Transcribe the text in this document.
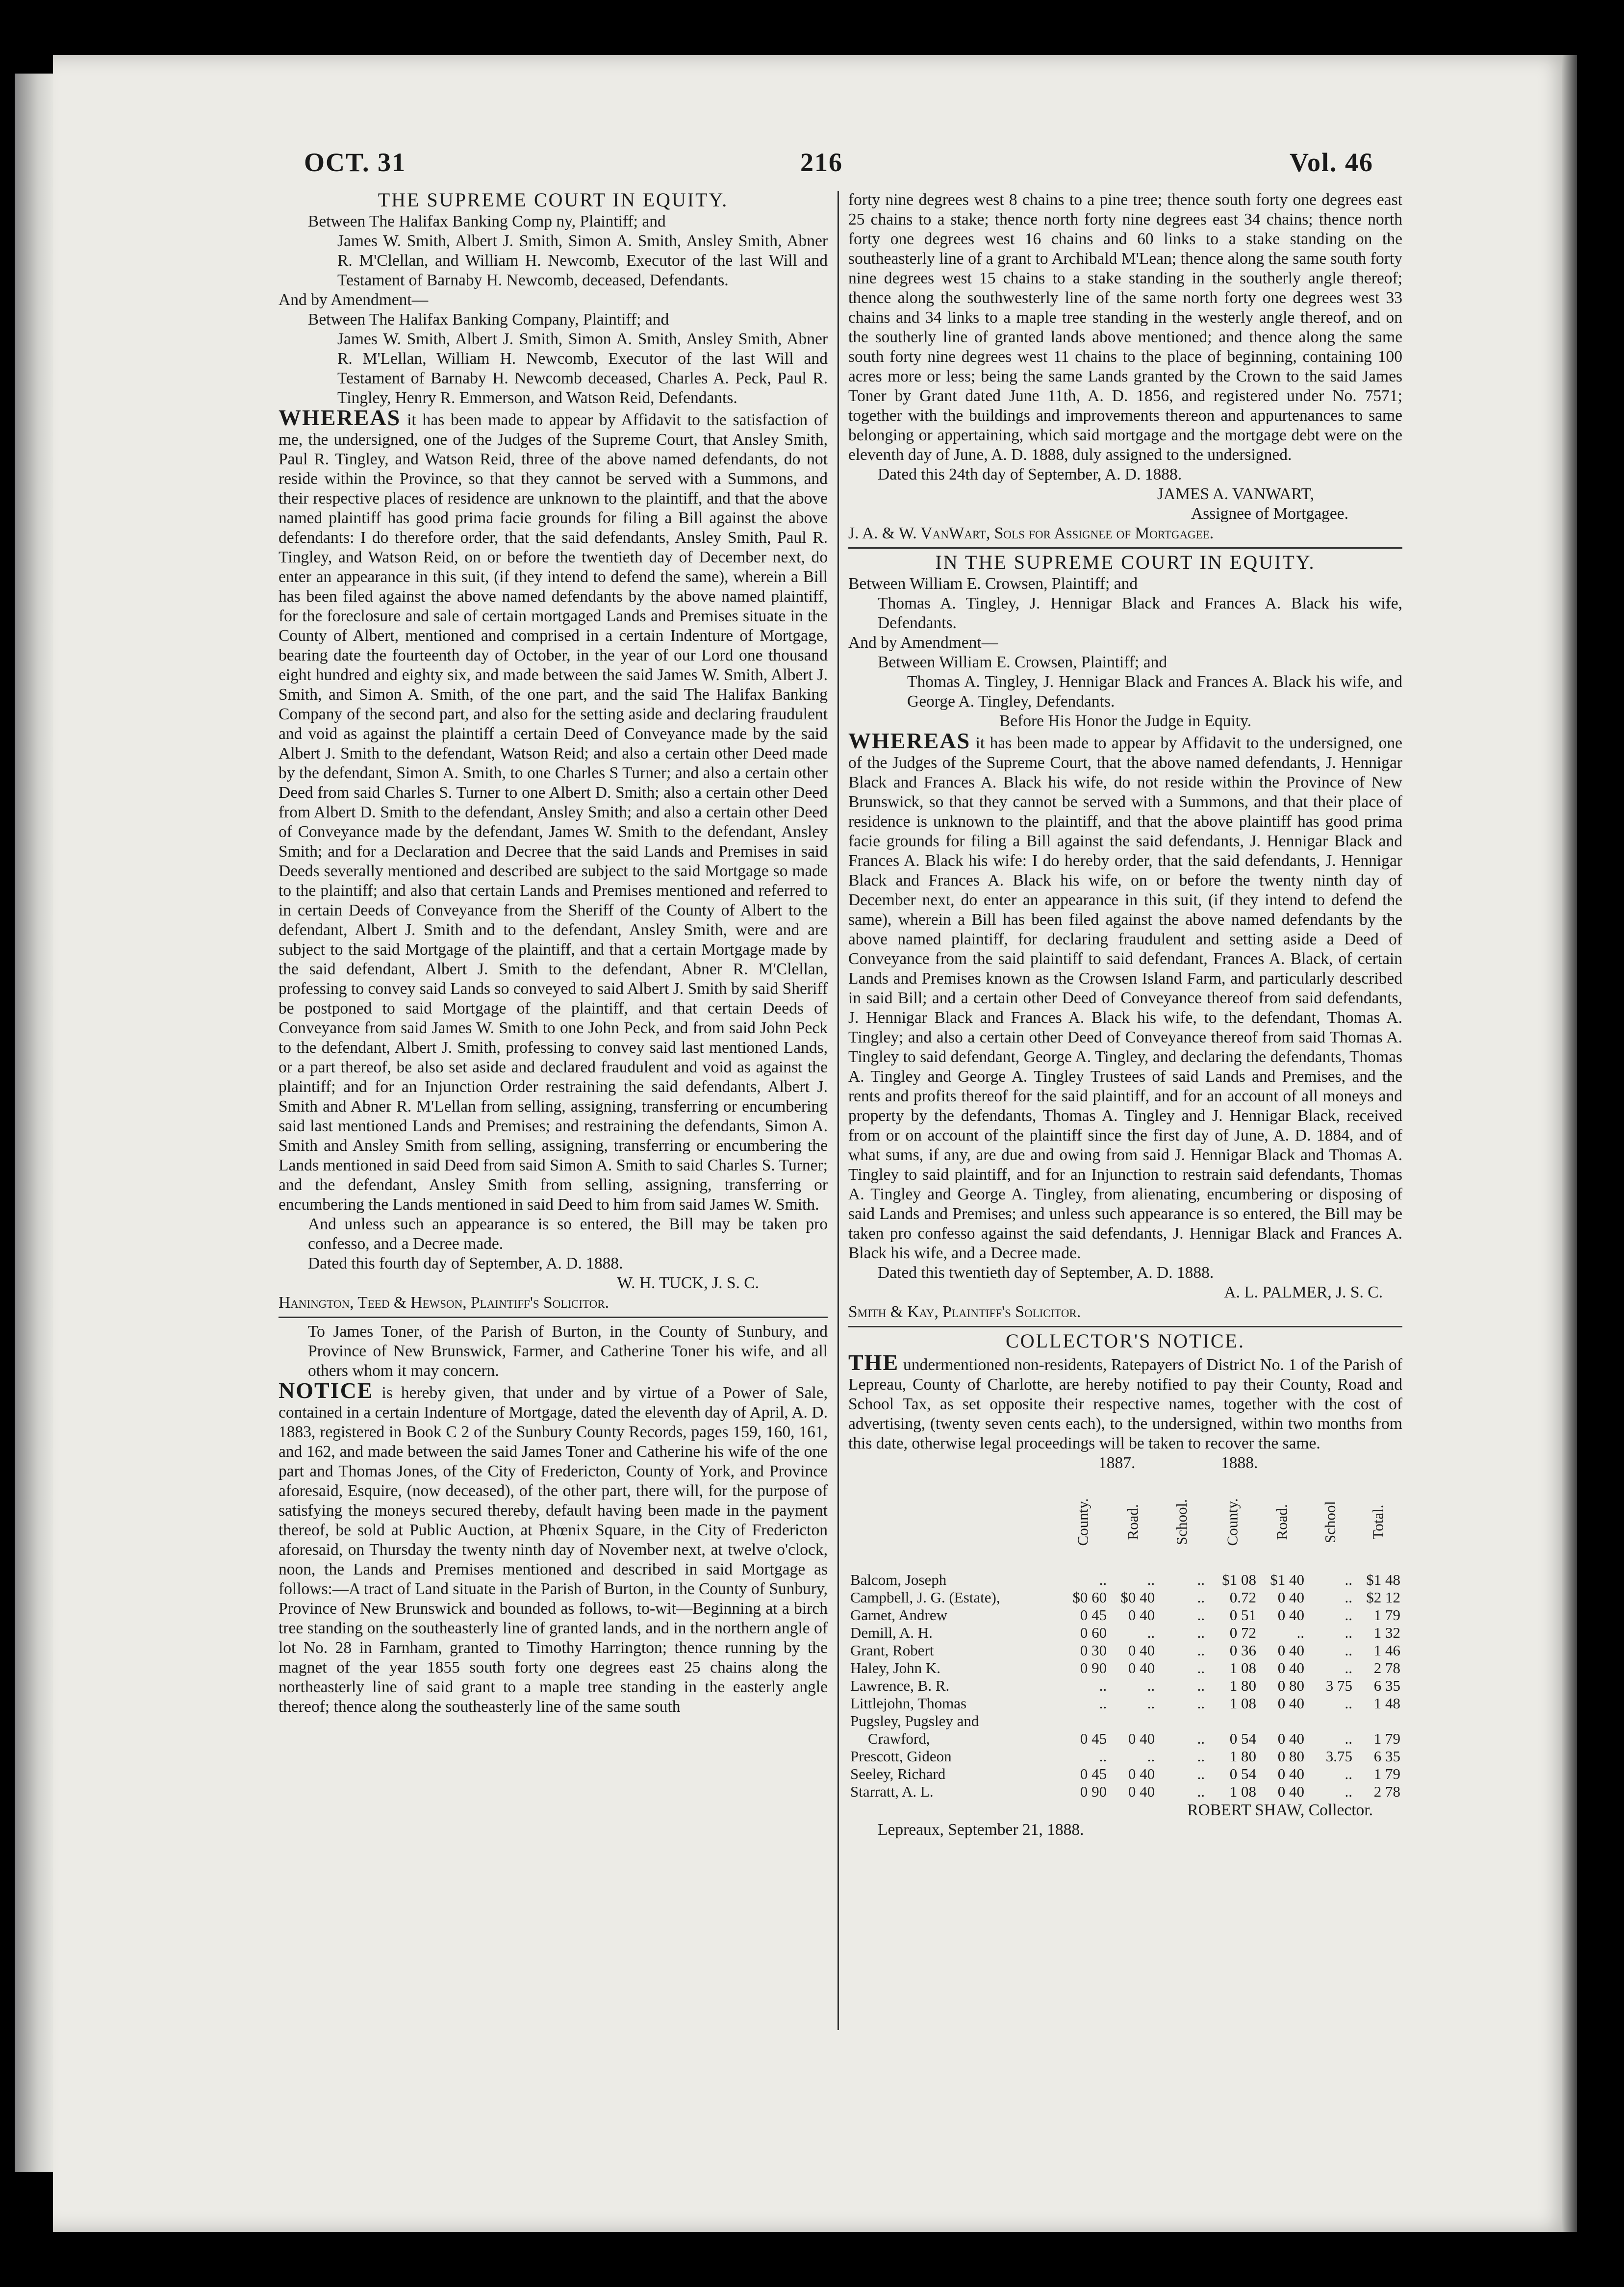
OCT. 31	216	Vol. 46
THE SUPREME COURT IN EQUITY.

Between The Halifax Banking Comp ny, Plaintiff; and

James W. Smith, Albert J. Smith, Simon A. Smith, Ansley Smith, Abner R. M'Clellan, and William H. Newcomb, Executor of the last Will and Testament of Barnaby H. Newcomb, deceased, Defendants.

And by Amendment—

Between The Halifax Banking Company, Plaintiff; and

James W. Smith, Albert J. Smith, Simon A. Smith, Ansley Smith, Abner R. M'Lellan, William H. Newcomb, Executor of the last Will and Testament of Barnaby H. Newcomb deceased, Charles A. Peck, Paul R. Tingley, Henry R. Emmerson, and Watson Reid, Defendants.

WHEREAS it has been made to appear by Affidavit to the satisfaction of me, the undersigned, one of the Judges of the Supreme Court, that Ansley Smith, Paul R. Tingley, and Watson Reid, three of the above named defendants, do not reside within the Province, so that they cannot be served with a Summons, and their respective places of residence are unknown to the plaintiff, and that the above named plaintiff has good prima facie grounds for filing a Bill against the above defendants: I do therefore order, that the said defendants, Ansley Smith, Paul R. Tingley, and Watson Reid, on or before the twentieth day of December next, do enter an appearance in this suit, (if they intend to defend the same), wherein a Bill has been filed against the above named defendants by the above named plaintiff, for the foreclosure and sale of certain mortgaged Lands and Premises situate in the County of Albert, mentioned and comprised in a certain Indenture of Mortgage, bearing date the fourteenth day of October, in the year of our Lord one thousand eight hundred and eighty six, and made between the said James W. Smith, Albert J. Smith, and Simon A. Smith, of the one part, and the said The Halifax Banking Company of the second part, and also for the setting aside and declaring fraudulent and void as against the plaintiff a certain Deed of Conveyance made by the said Albert J. Smith to the defendant, Watson Reid; and also a certain other Deed made by the defendant, Simon A. Smith, to one Charles S Turner; and also a certain other Deed from said Charles S. Turner to one Albert D. Smith; also a certain other Deed from Albert D. Smith to the defendant, Ansley Smith; and also a certain other Deed of Conveyance made by the defendant, James W. Smith to the defendant, Ansley Smith; and for a Declaration and Decree that the said Lands and Premises in said Deeds severally mentioned and described are subject to the said Mortgage so made to the plaintiff; and also that certain Lands and Premises mentioned and referred to in certain Deeds of Conveyance from the Sheriff of the County of Albert to the defendant, Albert J. Smith and to the defendant, Ansley Smith, were and are subject to the said Mortgage of the plaintiff, and that a certain Mortgage made by the said defendant, Albert J. Smith to the defendant, Abner R. M'Clellan, professing to convey said Lands so conveyed to said Albert J. Smith by said Sheriff be postponed to said Mortgage of the plaintiff, and that certain Deeds of Conveyance from said James W. Smith to one John Peck, and from said John Peck to the defendant, Albert J. Smith, professing to convey said last mentioned Lands, or a part thereof, be also set aside and declared fraudulent and void as against the plaintiff; and for an Injunction Order restraining the said defendants, Albert J. Smith and Abner R. M'Lellan from selling, assigning, transferring or encumbering said last mentioned Lands and Premises; and restraining the defendants, Simon A. Smith and Ansley Smith from selling, assigning, transferring or encumbering the Lands mentioned in said Deed from said Simon A. Smith to said Charles S. Turner; and the defendant, Ansley Smith from selling, assigning, transferring or encumbering the Lands mentioned in said Deed to him from said James W. Smith.

And unless such an appearance is so entered, the Bill may be taken pro confesso, and a Decree made.

Dated this fourth day of September, A. D. 1888.

W. H. TUCK, J. S. C.

Hanington, Teed & Hewson, Plaintiff's Solicitor.

To James Toner, of the Parish of Burton, in the County of Sunbury, and Province of New Brunswick, Farmer, and Catherine Toner his wife, and all others whom it may concern.

NOTICE is hereby given, that under and by virtue of a Power of Sale, contained in a certain Indenture of Mortgage, dated the eleventh day of April, A. D. 1883, registered in Book C 2 of the Sunbury County Records, pages 159, 160, 161, and 162, and made between the said James Toner and Catherine his wife of the one part and Thomas Jones, of the City of Fredericton, County of York, and Province aforesaid, Esquire, (now deceased), of the other part, there will, for the purpose of satisfying the moneys secured thereby, default having been made in the payment thereof, be sold at Public Auction, at Phœnix Square, in the City of Fredericton aforesaid, on Thursday the twenty ninth day of November next, at twelve o'clock, noon, the Lands and Premises mentioned and described in said Mortgage as follows:—A tract of Land situate in the Parish of Burton, in the County of Sunbury, Province of New Brunswick and bounded as follows, to-wit—Beginning at a birch tree standing on the southeasterly line of granted lands, and in the northern angle of lot No. 28 in Farnham, granted to Timothy Harrington; thence running by the magnet of the year 1855 south forty one degrees east 25 chains along the northeasterly line of said grant to a maple tree standing in the easterly angle thereof; thence along the southeasterly line of the same south

forty nine degrees west 8 chains to a pine tree; thence south forty one degrees east 25 chains to a stake; thence north forty nine degrees east 34 chains; thence north forty one degrees west 16 chains and 60 links to a stake standing on the southeasterly line of a grant to Archibald M'Lean; thence along the same south forty nine degrees west 15 chains to a stake standing in the southerly angle thereof; thence along the southwesterly line of the same north forty one degrees west 33 chains and 34 links to a maple tree standing in the westerly angle thereof, and on the southerly line of granted lands above mentioned; and thence along the same south forty nine degrees west 11 chains to the place of beginning, containing 100 acres more or less; being the same Lands granted by the Crown to the said James Toner by Grant dated June 11th, A. D. 1856, and registered under No. 7571; together with the buildings and improvements thereon and appurtenances to same belonging or appertaining, which said mortgage and the mortgage debt were on the eleventh day of June, A. D. 1888, duly assigned to the undersigned.

Dated this 24th day of September, A. D. 1888.

JAMES A. VANWART,

Assignee of Mortgagee.

J. A. & W. VanWart, Sols for Assignee of Mortgagee.

IN THE SUPREME COURT IN EQUITY.

Between William E. Crowsen, Plaintiff; and

Thomas A. Tingley, J. Hennigar Black and Frances A. Black his wife, Defendants.

And by Amendment—

Between William E. Crowsen, Plaintiff; and

Thomas A. Tingley, J. Hennigar Black and Frances A. Black his wife, and George A. Tingley, Defendants.

Before His Honor the Judge in Equity.

WHEREAS it has been made to appear by Affidavit to the undersigned, one of the Judges of the Supreme Court, that the above named defendants, J. Hennigar Black and Frances A. Black his wife, do not reside within the Province of New Brunswick, so that they cannot be served with a Summons, and that their place of residence is unknown to the plaintiff, and that the above plaintiff has good prima facie grounds for filing a Bill against the said defendants, J. Hennigar Black and Frances A. Black his wife: I do hereby order, that the said defendants, J. Hennigar Black and Frances A. Black his wife, on or before the twenty ninth day of December next, do enter an appearance in this suit, (if they intend to defend the same), wherein a Bill has been filed against the above named defendants by the above named plaintiff, for declaring fraudulent and setting aside a Deed of Conveyance from the said plaintiff to said defendant, Frances A. Black, of certain Lands and Premises known as the Crowsen Island Farm, and particularly described in said Bill; and a certain other Deed of Conveyance thereof from said defendants, J. Hennigar Black and Frances A. Black his wife, to the defendant, Thomas A. Tingley; and also a certain other Deed of Conveyance thereof from said Thomas A. Tingley to said defendant, George A. Tingley, and declaring the defendants, Thomas A. Tingley and George A. Tingley Trustees of said Lands and Premises, and the rents and profits thereof for the said plaintiff, and for an account of all moneys and property by the defendants, Thomas A. Tingley and J. Hennigar Black, received from or on account of the plaintiff since the first day of June, A. D. 1884, and of what sums, if any, are due and owing from said J. Hennigar Black and Thomas A. Tingley to said plaintiff, and for an Injunction to restrain said defendants, Thomas A. Tingley and George A. Tingley, from alienating, encumbering or disposing of said Lands and Premises; and unless such appearance is so entered, the Bill may be taken pro confesso against the said defendants, J. Hennigar Black and Frances A. Black his wife, and a Decree made.

Dated this twentieth day of September, A. D. 1888.

A. L. PALMER, J. S. C.

Smith & Kay, Plaintiff's Solicitor.

COLLECTOR'S NOTICE.

THE undermentioned non-residents, Ratepayers of District No. 1 of the Parish of Lepreau, County of Charlotte, are hereby notified to pay their County, Road and School Tax, as set opposite their respective names, together with the cost of advertising, (twenty seven cents each), to the undersigned, within two months from this date, otherwise legal proceedings will be taken to recover the same.

1887.	1888.
	County.	Road.	School.	County.	Road.	School	Total.
Balcom, Joseph	..	..	..	$1 08	$1 40	..	$1 48
Campbell, J. G. (Estate),	$0 60	$0 40	..	0.72	0 40	..	$2 12
Garnet, Andrew	0 45	0 40	..	0 51	0 40	..	1 79
Demill, A. H.	0 60	..	..	0 72	..	..	1 32
Grant, Robert	0 30	0 40	..	0 36	0 40	..	1 46
Haley, John K.	0 90	0 40	..	1 08	0 40	..	2 78
Lawrence, B. R.	..	..	..	1 80	0 80	3 75	6 35
Littlejohn, Thomas	..	..	..	1 08	0 40	..	1 48
Pugsley, Pugsley and							
Crawford,	0 45	0 40	..	0 54	0 40	..	1 79
Prescott, Gideon	..	..	..	1 80	0 80	3.75	6 35
Seeley, Richard	0 45	0 40	..	0 54	0 40	..	1 79
Starratt, A. L.	0 90	0 40	..	1 08	0 40	..	2 78

ROBERT SHAW, Collector.

Lepreaux, September 21, 1888.
